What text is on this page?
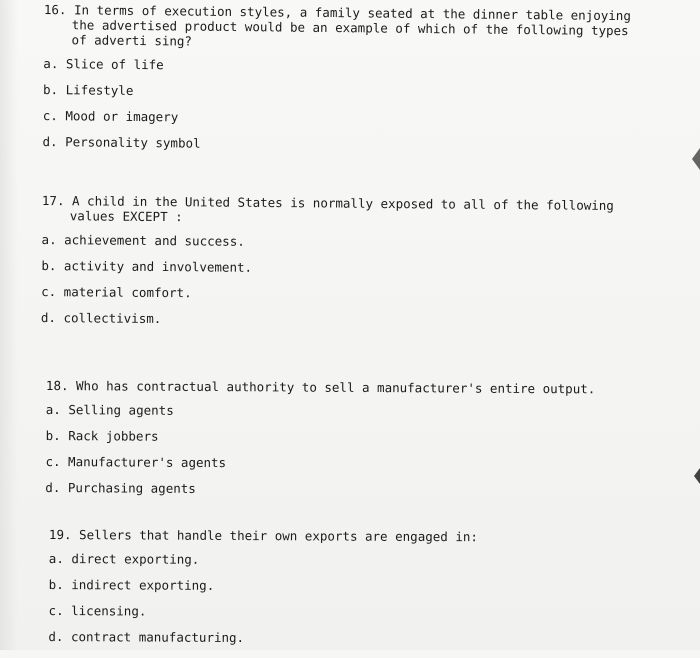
16. In terms of execution styles, a family seated at the dinner table enjoying the advertised product would be an example of which of the following types of adverti sing?
a. Slice of life
b. Lifestyle
c. Mood or imagery
d. Personality symbol
17. A child in the United States is normally exposed to all of the following values EXCEPT :
a. achievement and success.
b. activity and involvement.
c. material comfort.
d. collectivism.
18. Who has contractual authority to sell a manufacturer's entire output.
a. Selling agents
b. Rack jobbers
c. Manufacturer's agents
d. Purchasing agents
19. Sellers that handle their own exports are engaged in:
a. direct exporting.
b. indirect exporting.
c. licensing.
d. contract manufacturing.
